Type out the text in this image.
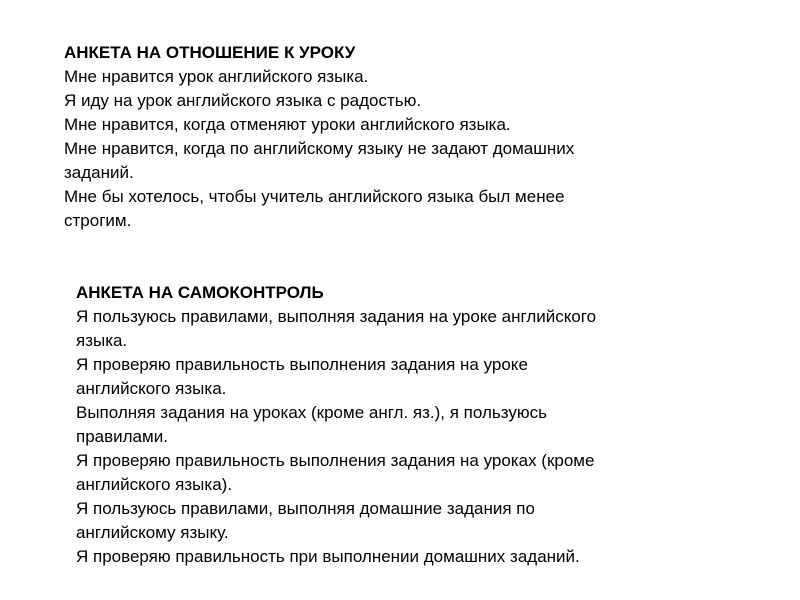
АНКЕТА НА ОТНОШЕНИЕ К УРОКУ

Мне нравится урок английского языка.

Я иду на урок английского языка с радостью.

Мне нравится, когда отменяют уроки английского языка.

Мне нравится, когда по английскому языку не задают домашних

заданий.

Мне бы хотелось, чтобы учитель английского языка был менее

строгим.

АНКЕТА НА САМОКОНТРОЛЬ

Я пользуюсь правилами, выполняя задания на уроке английского

языка.

Я проверяю правильность выполнения задания на уроке

английского языка.

Выполняя задания на уроках (кроме англ. яз.), я пользуюсь

правилами.

Я проверяю правильность выполнения задания на уроках (кроме

английского языка).

Я пользуюсь правилами, выполняя домашние задания по

английскому языку.

Я проверяю правильность при выполнении домашних заданий.
